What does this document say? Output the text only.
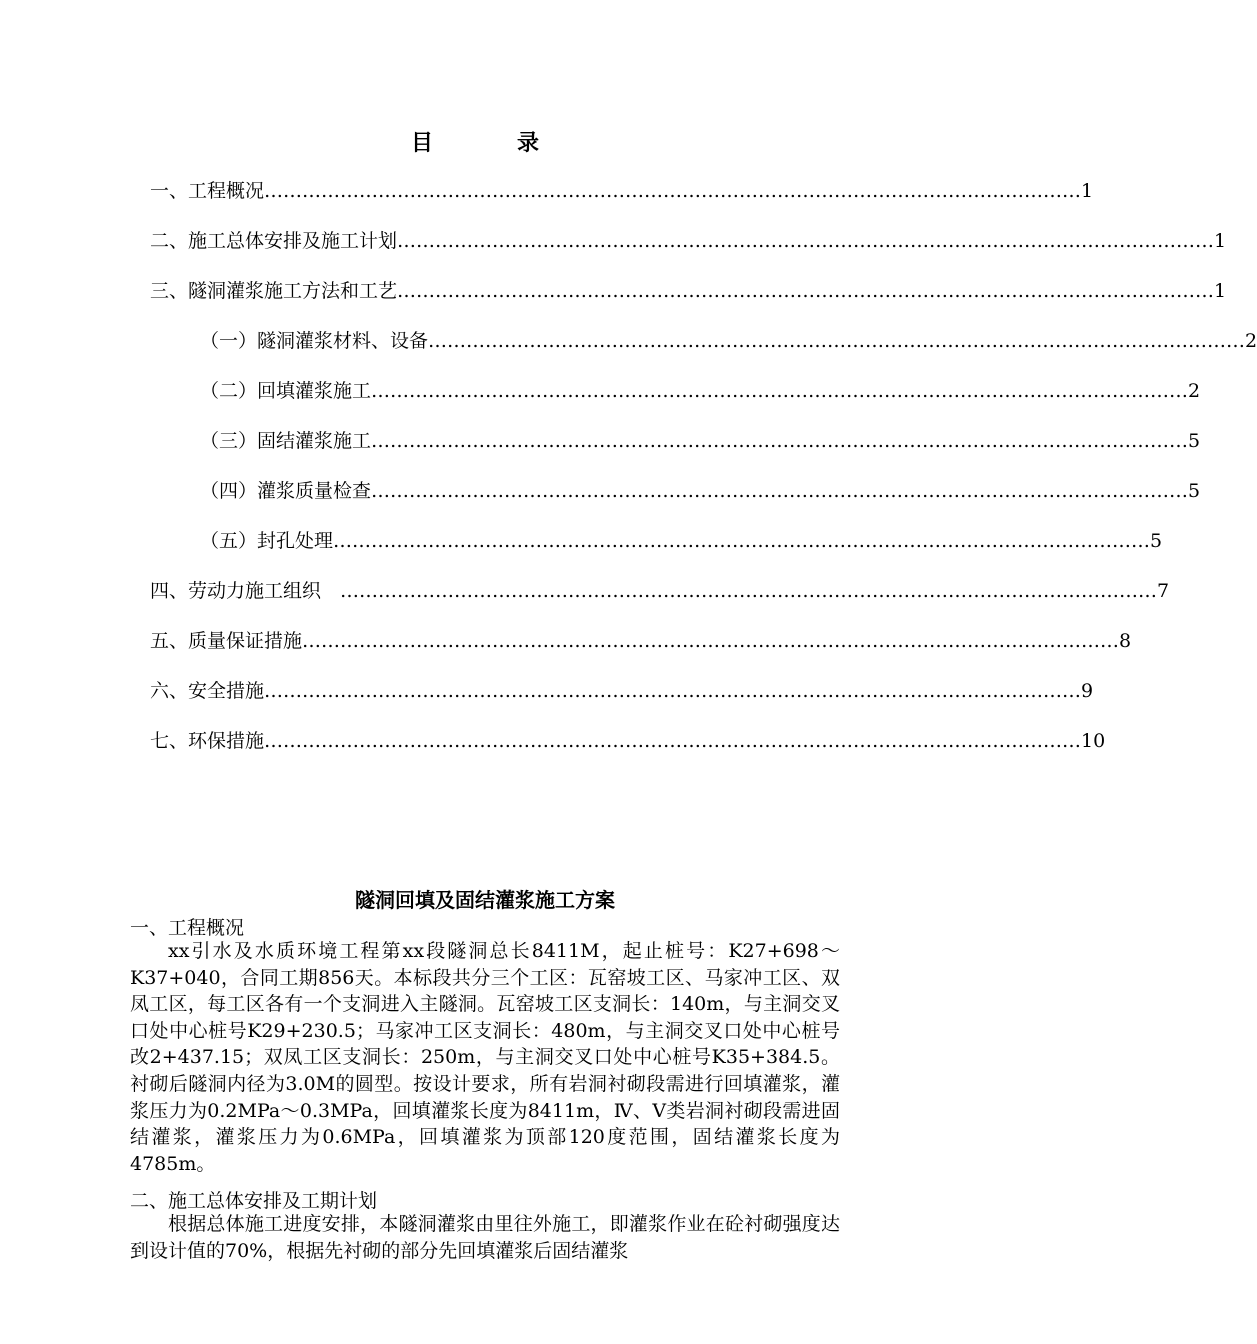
目	录
一、工程概况 ………………………………………………………………………………………………………………… 1
二、施工总体安排及施工计划 ………………………………………………………………………………………………………………… 1
三、隧洞灌浆施工方法和工艺 ………………………………………………………………………………………………………………… 1
（一）隧洞灌浆材料、设备 ………………………………………………………………………………………………………………… 2
（二）回填灌浆施工 ………………………………………………………………………………………………………………… 2
（三）固结灌浆施工 ………………………………………………………………………………………………………………… 5
（四）灌浆质量检查 ………………………………………………………………………………………………………………… 5
（五）封孔处理 ………………………………………………………………………………………………………………… 5
四、劳动力施工组织　 ………………………………………………………………………………………………………………… 7
五、质量保证措施 ………………………………………………………………………………………………………………… 8
六、安全措施 ………………………………………………………………………………………………………………… 9
七、环保措施 ………………………………………………………………………………………………………………… 10
隧洞回填及固结灌浆施工方案
一、工程概况

xx引水及水质环境工程第xx段隧洞总长8411M，起止桩号：K27+698～K37+040，合同工期856天。本标段共分三个工区：瓦窑坡工区、马家冲工区、双凤工区，每工区各有一个支洞进入主隧洞。瓦窑坡工区支洞长：140m，与主洞交叉口处中心桩号K29+230.5；马家冲工区支洞长：480m，与主洞交叉口处中心桩号改2+437.15；双凤工区支洞长：250m，与主洞交叉口处中心桩号K35+384.5。衬砌后隧洞内径为3.0M的圆型。按设计要求，所有岩洞衬砌段需进行回填灌浆，灌浆压力为0.2MPa～0.3MPa，回填灌浆长度为8411m，Ⅳ、Ⅴ类岩洞衬砌段需进固结灌浆，灌浆压力为0.6MPa，回填灌浆为顶部120度范围，固结灌浆长度为4785m。

二、施工总体安排及工期计划

根据总体施工进度安排，本隧洞灌浆由里往外施工，即灌浆作业在砼衬砌强度达到设计值的70%，根据先衬砌的部分先回填灌浆后固结灌浆
